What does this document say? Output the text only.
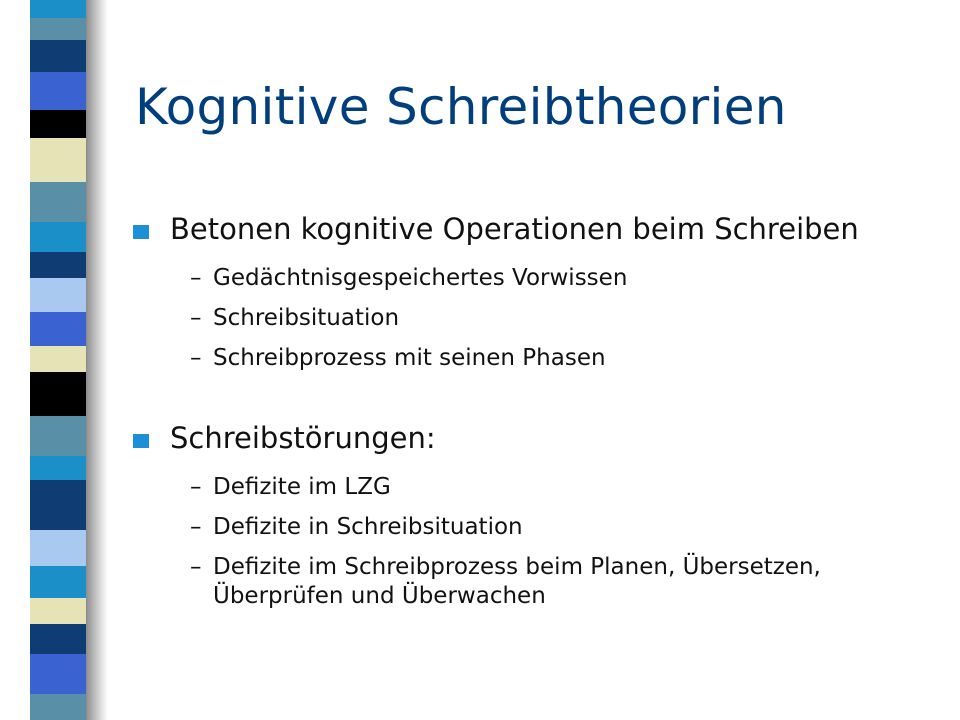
Kognitive Schreibtheorien
Betonen kognitive Operationen beim Schreiben
– Gedächtnisgespeichertes Vorwissen
– Schreibsituation
– Schreibprozess mit seinen Phasen
Schreibstörungen:
– Defizite im LZG
– Defizite in Schreibsituation
– Defizite im Schreibprozess beim Planen, Übersetzen, Überprüfen und Überwachen
